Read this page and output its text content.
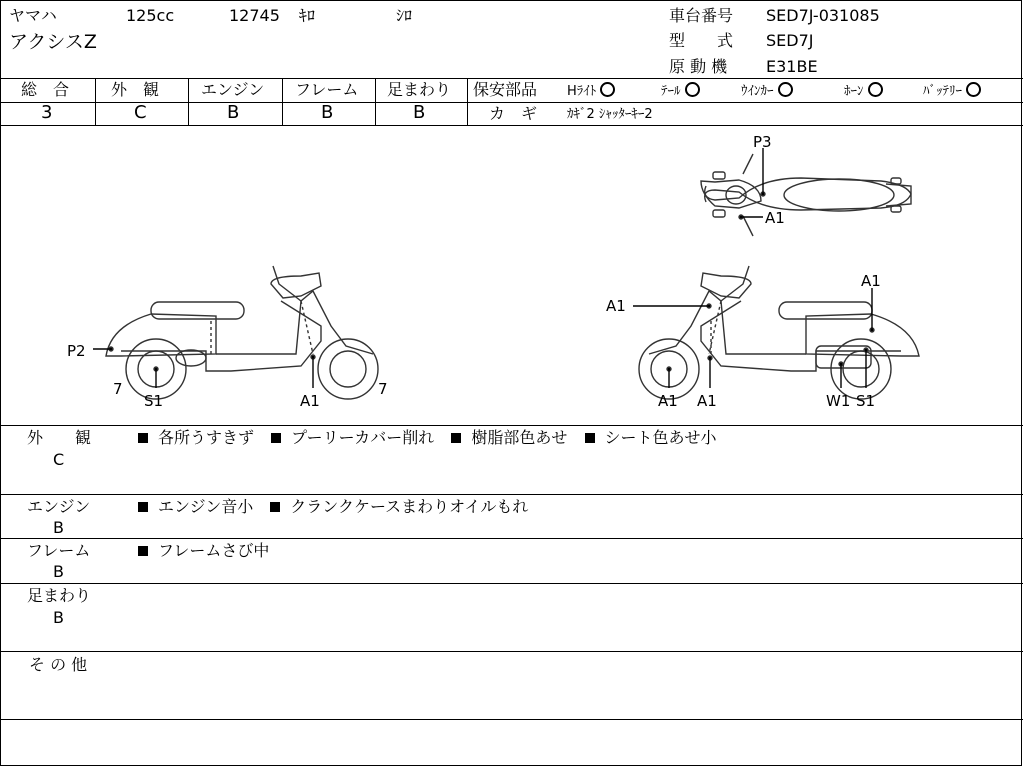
ヤマハ	125cc	12745 ｷﾛ	ｼﾛ
アクシスZ
車台番号 SED7J-031085
型　　式 SED7J
原 動 機 E31BE
総　合	外　観	エンジン フレーム 足まわり
3	C	B	B	B
保安部品 Hﾗｲﾄ	ﾃｰﾙ	ｳｲﾝｶｰ	ﾎｰﾝ	ﾊﾞｯﾃﾘｰ
カ　ギ ｶｷﾞ2 ｼｬｯﾀｰｷｰ2
P3
A1
P2
7
S1	A1
7
A1
A1
A1 A1	W1 S1
外　　観
C
各所うすきず プーリーカバー削れ 樹脂部色あせ シート色あせ小
エンジン
B
エンジン音小 クランクケースまわりオイルもれ
フレーム
B
フレームさび中
足まわり
B
そ の 他
